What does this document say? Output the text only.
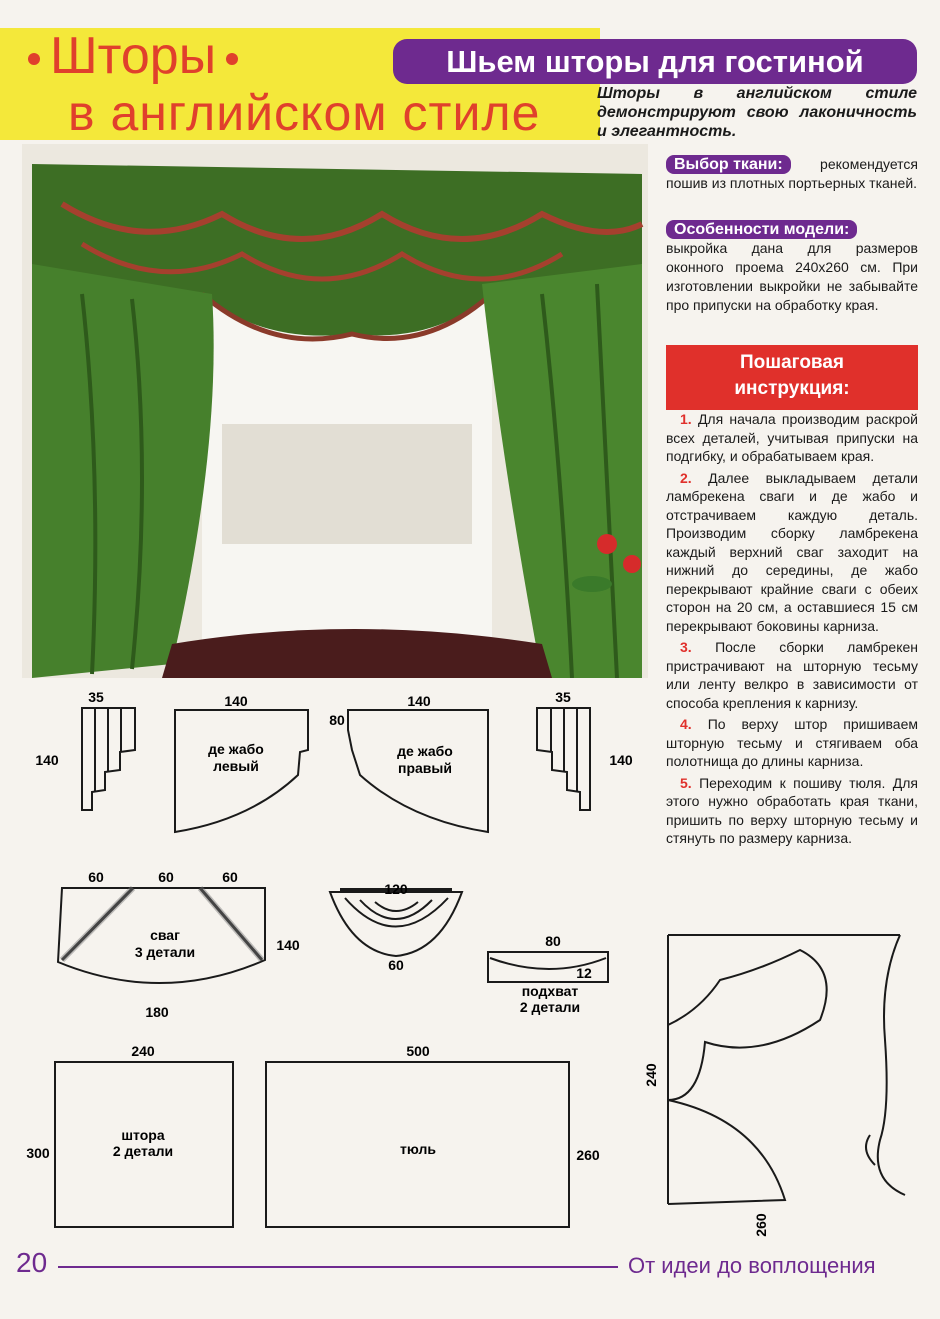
Шторы
в английском стиле
Шьем шторы для гостиной
Шторы в английском стиле демонстрируют свою лаконичность и элегантность.
Выбор ткани:	рекомендуется пошив из плотных портьерных тканей.
Особенности модели:
выкройка дана для размеров оконного проема 240х260 см. При изготовлении выкройки не забывайте про припуски на обработку края.
Пошаговая
инструкция:

1. Для начала производим раскрой всех деталей, учитывая припуски на подгибку, и обрабатываем края.

2. Далее выкладываем детали ламбрекена сваги и де жабо и отстрачиваем каждую деталь. Производим сборку ламбрекена каждый верхний сваг заходит на нижний до середины, де жабо перекрывают крайние сваги с обеих сторон на 20 см, а оставшиеся 15 см перекрывают боковины карниза.

3. После сборки ламбрекен пристрачивают на шторную тесьму или ленту велкро в зависимости от способа крепления к карнизу.

4. По верху штор пришиваем шторную тесьму и стягиваем оба полотнища до длины карниза.

5. Переходим к пошиву тюля. Для этого нужно обработать края ткани, пришить по верху шторную тесьму и стянуть по размеру карниза.

35
140
140
де жабо
левый
80
140
де жабо
правый
35
140
60	60	60
140
сваг
3 детали
180
120
60
80
12
подхват
2 детали
240
300
штора
2 детали
500
тюль	260
240
260
20	От идеи до воплощения
